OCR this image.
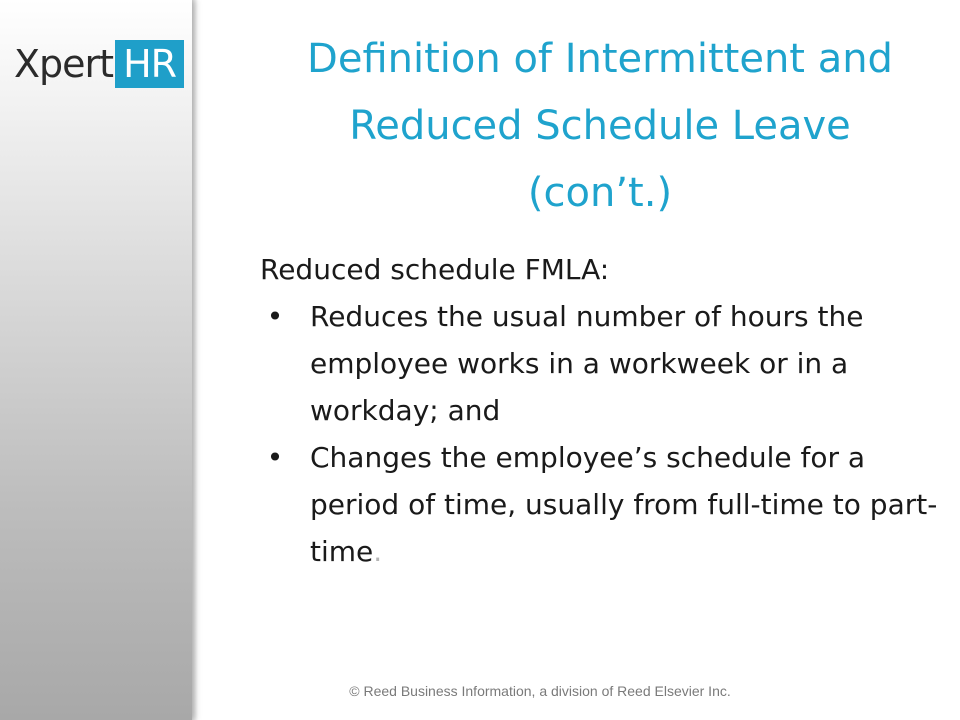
Xpert HR	Definition of Intermittent and
Reduced Schedule Leave
(con’t.)

Reduced schedule FMLA:

• Reduces the usual number of hours the employee works in a workweek or in a workday; and
• Changes the employee’s schedule for a period of time, usually from full-time to part-time.
© Reed Business Information, a division of Reed Elsevier Inc.
